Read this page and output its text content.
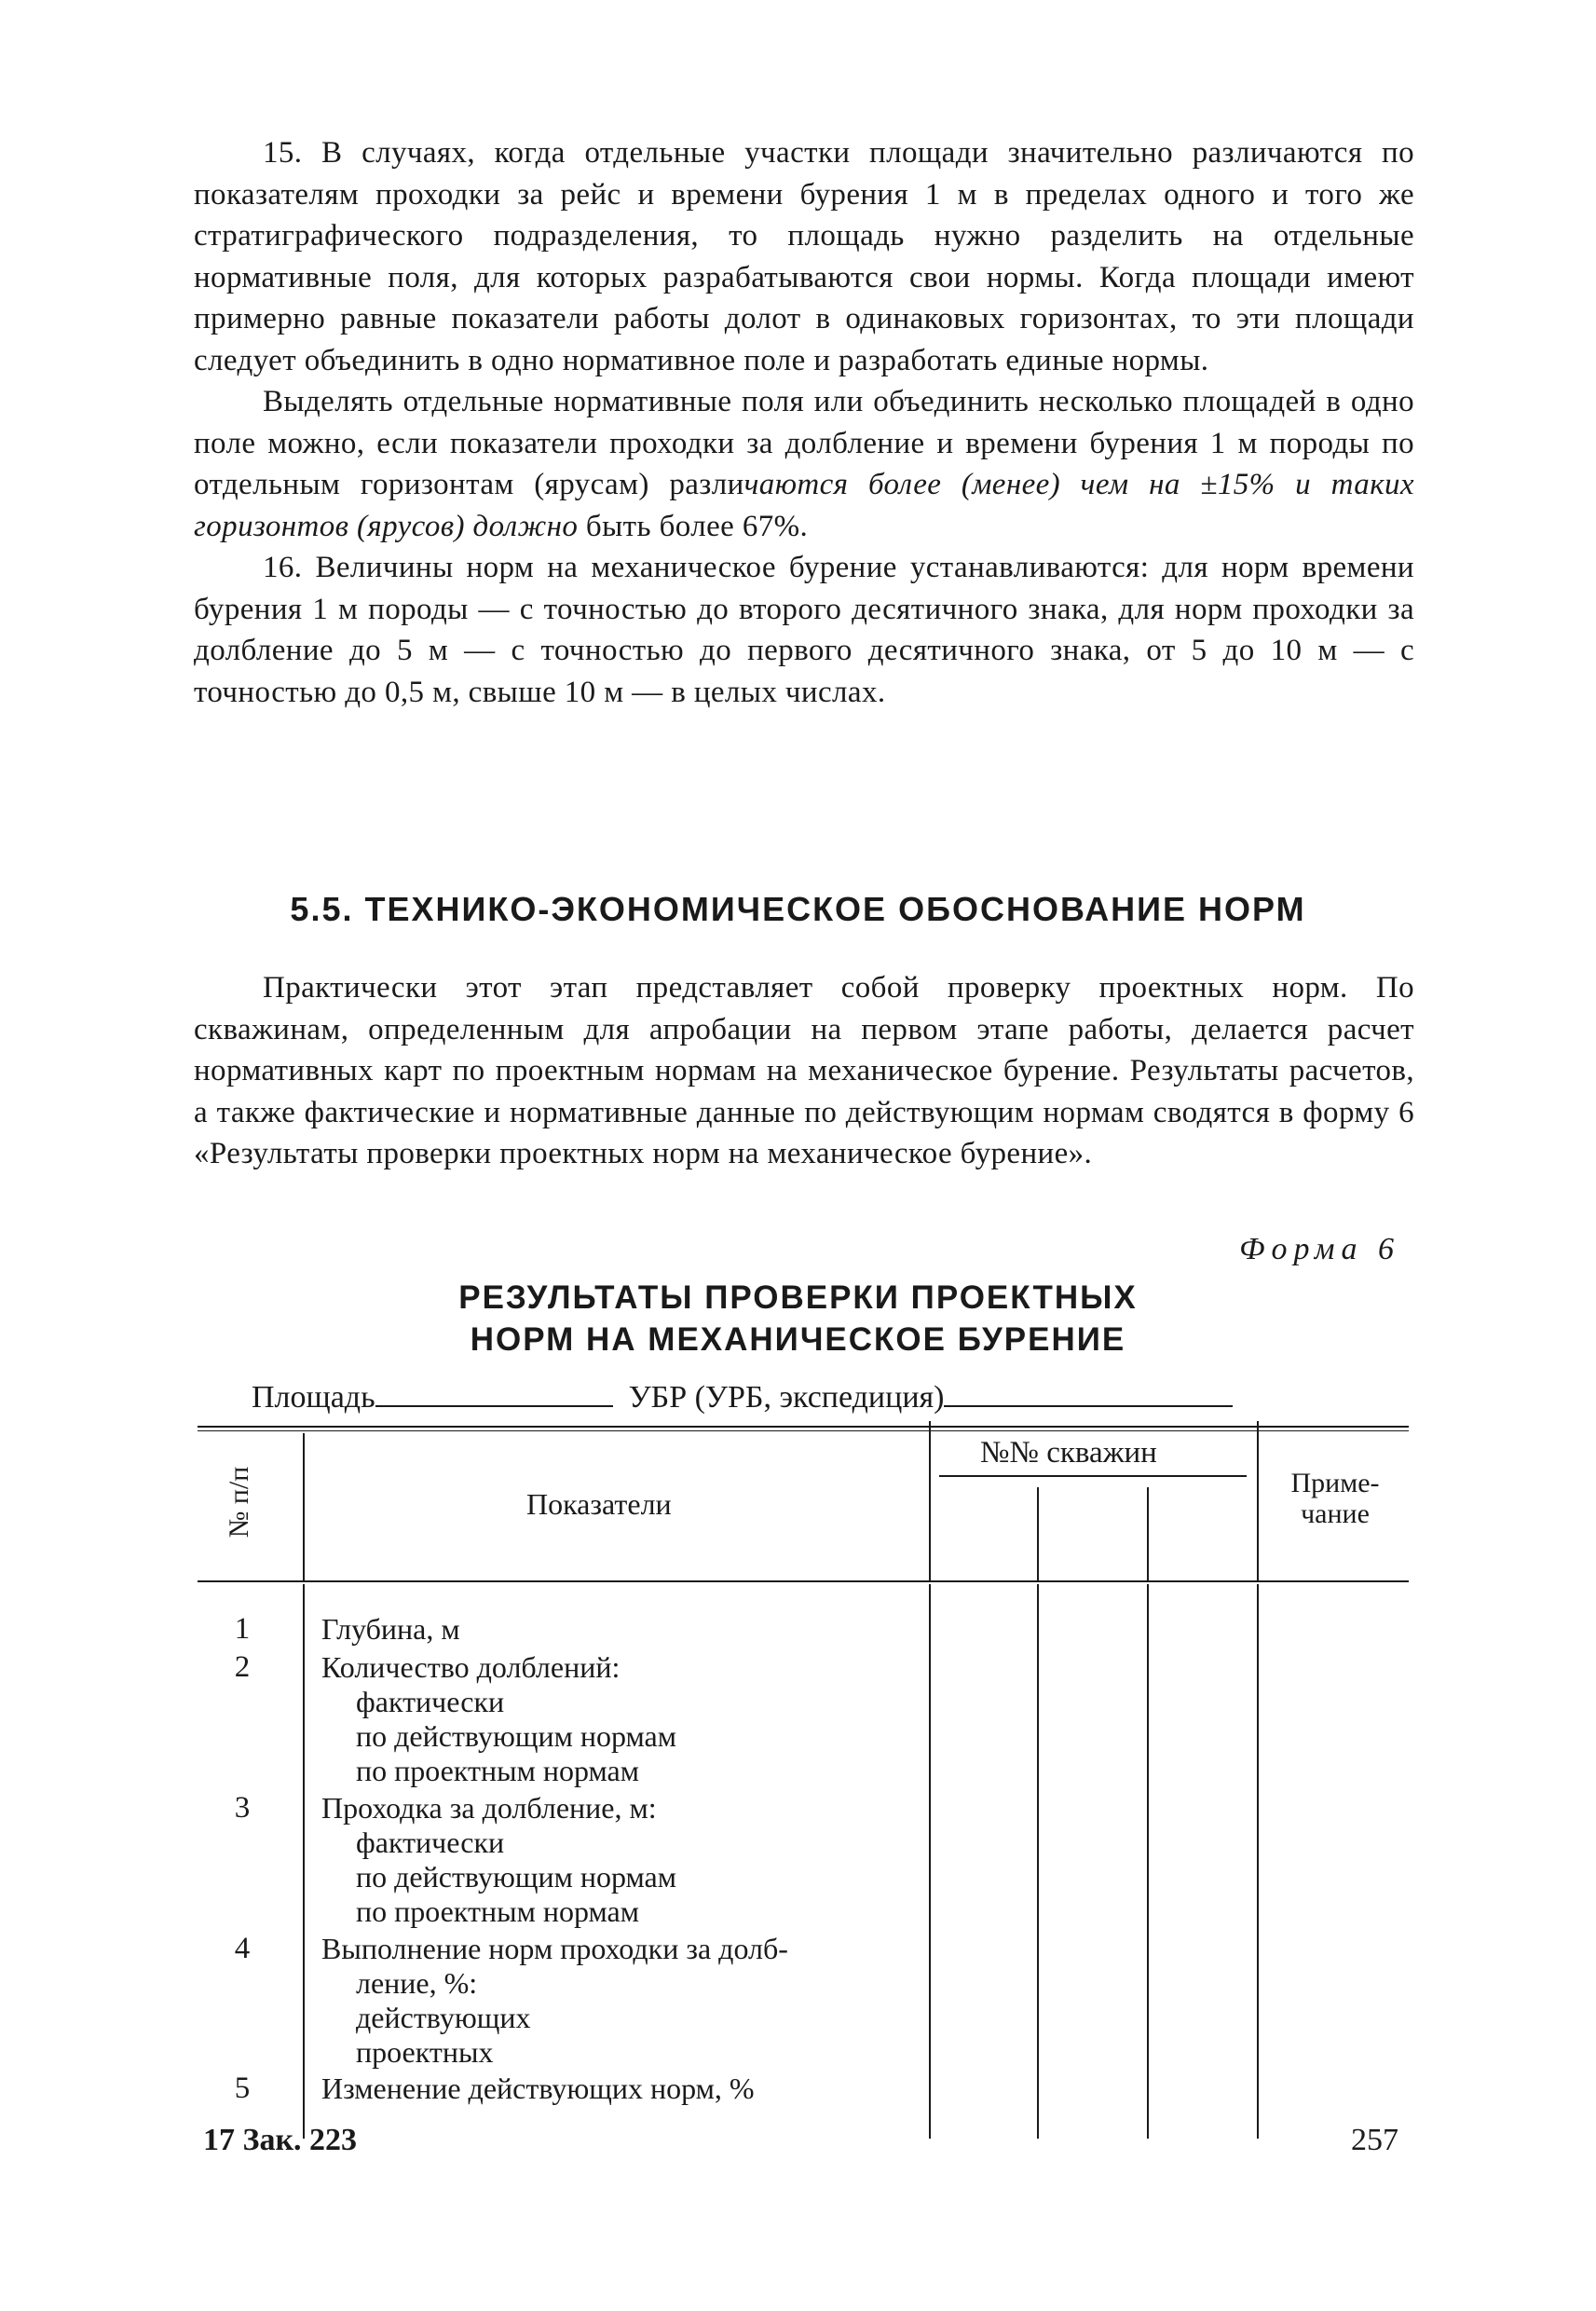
15. В случаях, когда отдельные участки площади значительно различаются по показателям проходки за рейс и времени бурения 1 м в пределах одного и того же стратиграфического подразделения, то площадь нужно разделить на отдельные нормативные поля, для которых разрабатываются свои нормы. Когда площади имеют примерно равные показатели работы долот в одинаковых горизонтах, то эти площади следует объединить в одно нормативное поле и разработать единые нормы.

Выделять отдельные нормативные поля или объединить несколько площадей в одно поле можно, если показатели проходки за долбление и времени бурения 1 м породы по отдельным горизонтам (ярусам) различаются более (менее) чем на ±15% и таких горизонтов (ярусов) должно быть более 67%.

16. Величины норм на механическое бурение устанавливаются: для норм времени бурения 1 м породы — с точностью до второго десятичного знака, для норм проходки за долбление до 5 м — с точностью до первого десятичного знака, от 5 до 10 м — с точностью до 0,5 м, свыше 10 м — в целых числах.

5.5. ТЕХНИКО-ЭКОНОМИЧЕСКОЕ ОБОСНОВАНИЕ НОРМ

Практически этот этап представляет собой проверку проектных норм. По скважинам, определенным для апробации на первом этапе работы, делается расчет нормативных карт по проектным нормам на механическое бурение. Результаты расчетов, а также фактические и нормативные данные по действующим нормам сводятся в форму 6 «Результаты проверки проектных норм на механическое бурение».

Форма 6
РЕЗУЛЬТАТЫ ПРОВЕРКИ ПРОЕКТНЫХ
НОРМ НА МЕХАНИЧЕСКОЕ БУРЕНИЕ
Площадь	УБР (УРБ, экспедиция)
№ п/п	Показатели
№№ скважин
Приме-
чание
1 Глубина, м
2 Количество долблений:
фактически
по действующим нормам
по проектным нормам
3 Проходка за долбление, м:
фактически
по действующим нормам
по проектным нормам
4 Выполнение норм проходки за долб-
ление, %:
действующих
проектных
5 Изменение действующих норм, %
17 Зак. 223	257
